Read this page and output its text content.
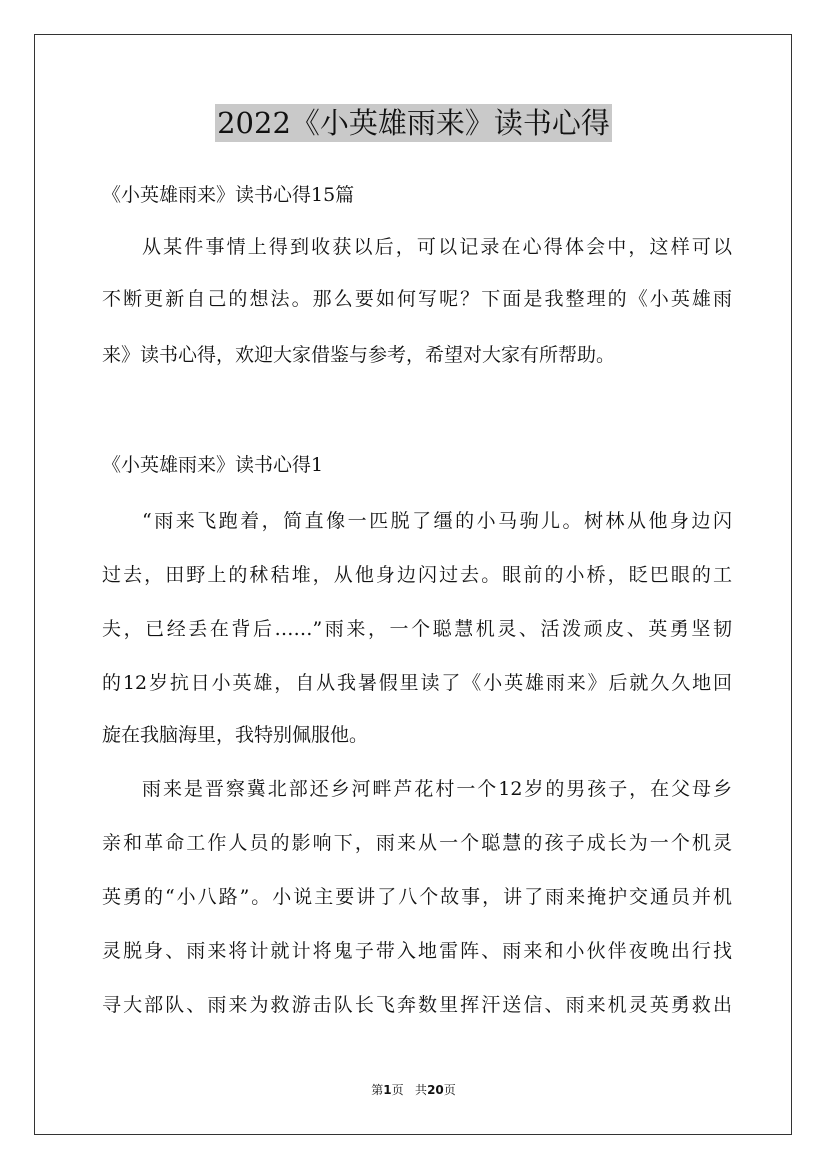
2022《小英雄雨来》读书心得

《小英雄雨来》读书心得15篇

从某件事情上得到收获以后，可以记录在心得体会中，这样可以

不断更新自己的想法。那么要如何写呢？下面是我整理的《小英雄雨

来》读书心得，欢迎大家借鉴与参考，希望对大家有所帮助。

《小英雄雨来》读书心得1

“雨来飞跑着，简直像一匹脱了缰的小马驹儿。树林从他身边闪

过去，田野上的秫秸堆，从他身边闪过去。眼前的小桥，眨巴眼的工

夫，已经丢在背后……”雨来，一个聪慧机灵、活泼顽皮、英勇坚韧

的12岁抗日小英雄，自从我暑假里读了《小英雄雨来》后就久久地回

旋在我脑海里，我特别佩服他。

雨来是晋察冀北部还乡河畔芦花村一个12岁的男孩子，在父母乡

亲和革命工作人员的影响下，雨来从一个聪慧的孩子成长为一个机灵

英勇的“小八路”。小说主要讲了八个故事，讲了雨来掩护交通员并机

灵脱身、雨来将计就计将鬼子带入地雷阵、雨来和小伙伴夜晚出行找

寻大部队、雨来为救游击队长飞奔数里挥汗送信、雨来机灵英勇救出

第1页 共20页
